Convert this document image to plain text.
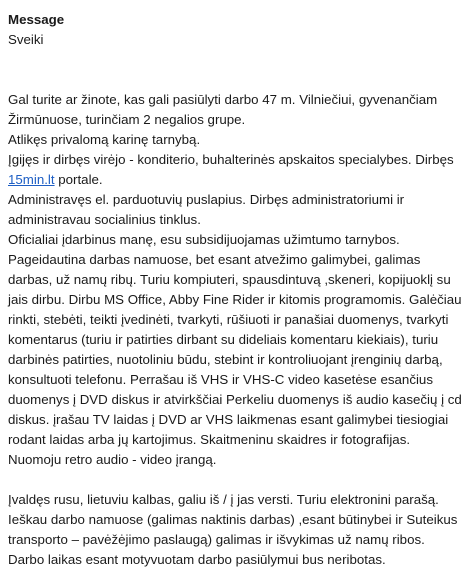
Message
Sveiki
Gal turite ar žinote, kas gali pasiūlyti darbo 47 m. Vilniečiui, gyvenančiam
Žirmūnuose, turinčiam 2 negalios grupe.
Atlikęs privalomą karinę tarnybą.
Įgijęs ir dirbęs virėjo - konditerio, buhalterinės apskaitos specialybes. Dirbęs
15min.lt portale.
Administravęs el. parduotuvių puslapius. Dirbęs administratoriumi ir
administravau socialinius tinklus.
Oficialiai įdarbinus manę, esu subsidijuojamas užimtumo tarnybos.
Pageidautina darbas namuose, bet esant atvežimo galimybei, galimas
darbas, už namų ribų. Turiu kompiuteri, spausdintuvą ,skeneri, kopijuoklį su
jais dirbu. Dirbu MS Office, Abby Fine Rider ir kitomis programomis. Galėčiau
rinkti, stebėti, teikti įvedinėti, tvarkyti, rūšiuoti ir panašiai duomenys, tvarkyti
komentarus (turiu ir patirties dirbant su dideliais komentaru kiekiais), turiu
darbinės patirties, nuotoliniu būdu, stebint ir kontroliuojant įrenginių darbą,
konsultuoti telefonu. Perrašau iš VHS ir VHS-C video kasetėse esančius
duomenys į DVD diskus ir atvirkščiai Perkeliu duomenys iš audio kasečių į cd
diskus. įrašau TV laidas į DVD ar VHS laikmenas esant galimybei tiesiogiai
rodant laidas arba jų kartojimus. Skaitmeninu skaidres ir fotografijas.
Nuomoju retro audio - video įrangą.
Įvaldęs rusu, lietuviu kalbas, galiu iš / į jas versti. Turiu elektronini parašą.
Ieškau darbo namuose (galimas naktinis darbas) ,esant būtinybei ir Suteikus
transporto – pavėžėjimo paslaugą) galimas ir išvykimas už namų ribos.
Darbo laikas esant motyvuotam darbo pasiūlymui bus neribotas.
